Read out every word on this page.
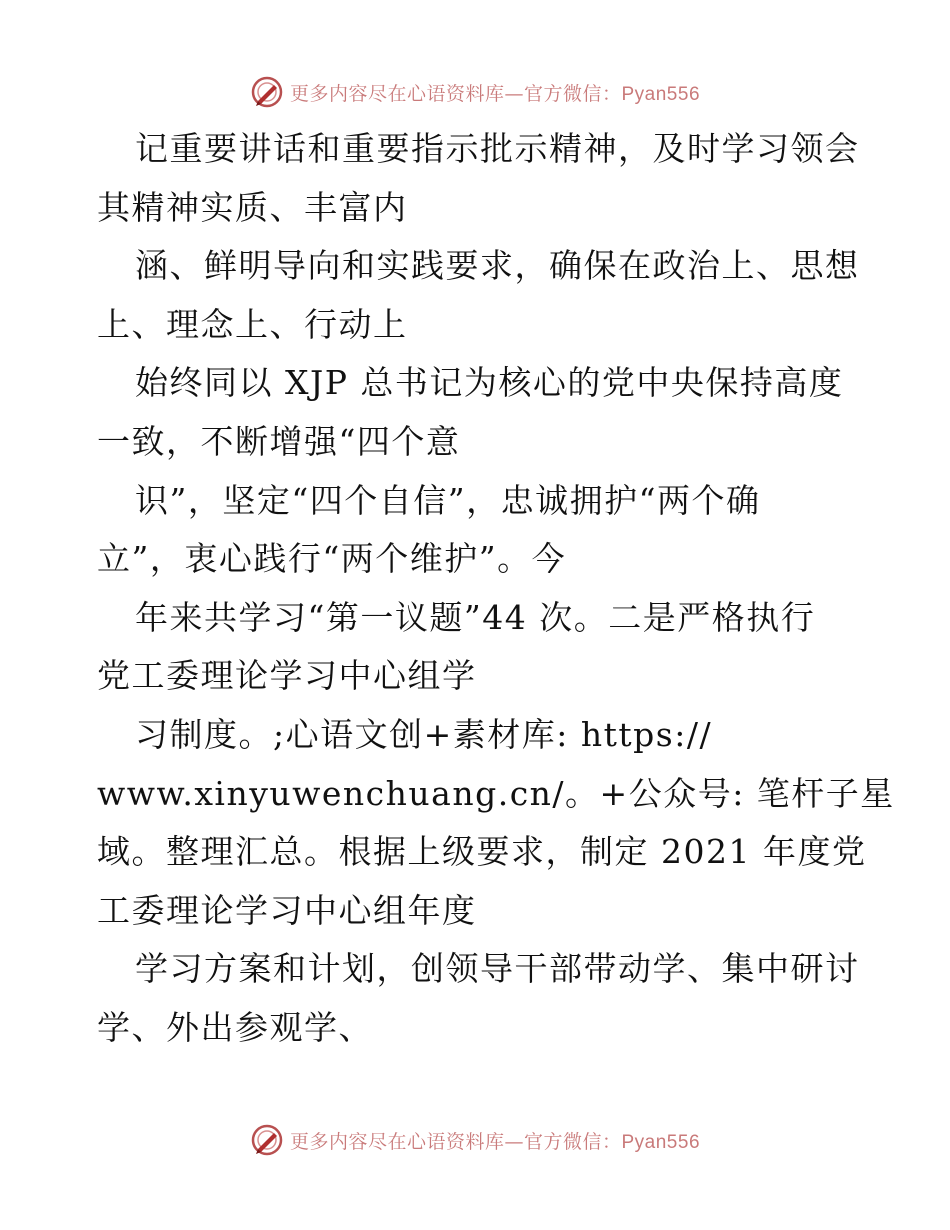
更多内容尽在心语资料库—官方微信：Pyan556
记重要讲话和重要指示批示精神，及时学习领会
其精神实质、丰富内
涵、鲜明导向和实践要求，确保在政治上、思想
上、理念上、行动上
始终同以 XJP 总书记为核心的党中央保持高度
一致，不断增强“四个意
识”，坚定“四个自信”，忠诚拥护“两个确
立”，衷心践行“两个维护”。今
年来共学习“第一议题”44 次。二是严格执行
党工委理论学习中心组学
习制度。;心语文创+素材库: https://
www.xinyuwenchuang.cn/。+公众号: 笔杆子星
域。整理汇总。根据上级要求，制定 2021 年度党
工委理论学习中心组年度
学习方案和计划，创领导干部带动学、集中研讨
学、外出参观学、
更多内容尽在心语资料库—官方微信：Pyan556
